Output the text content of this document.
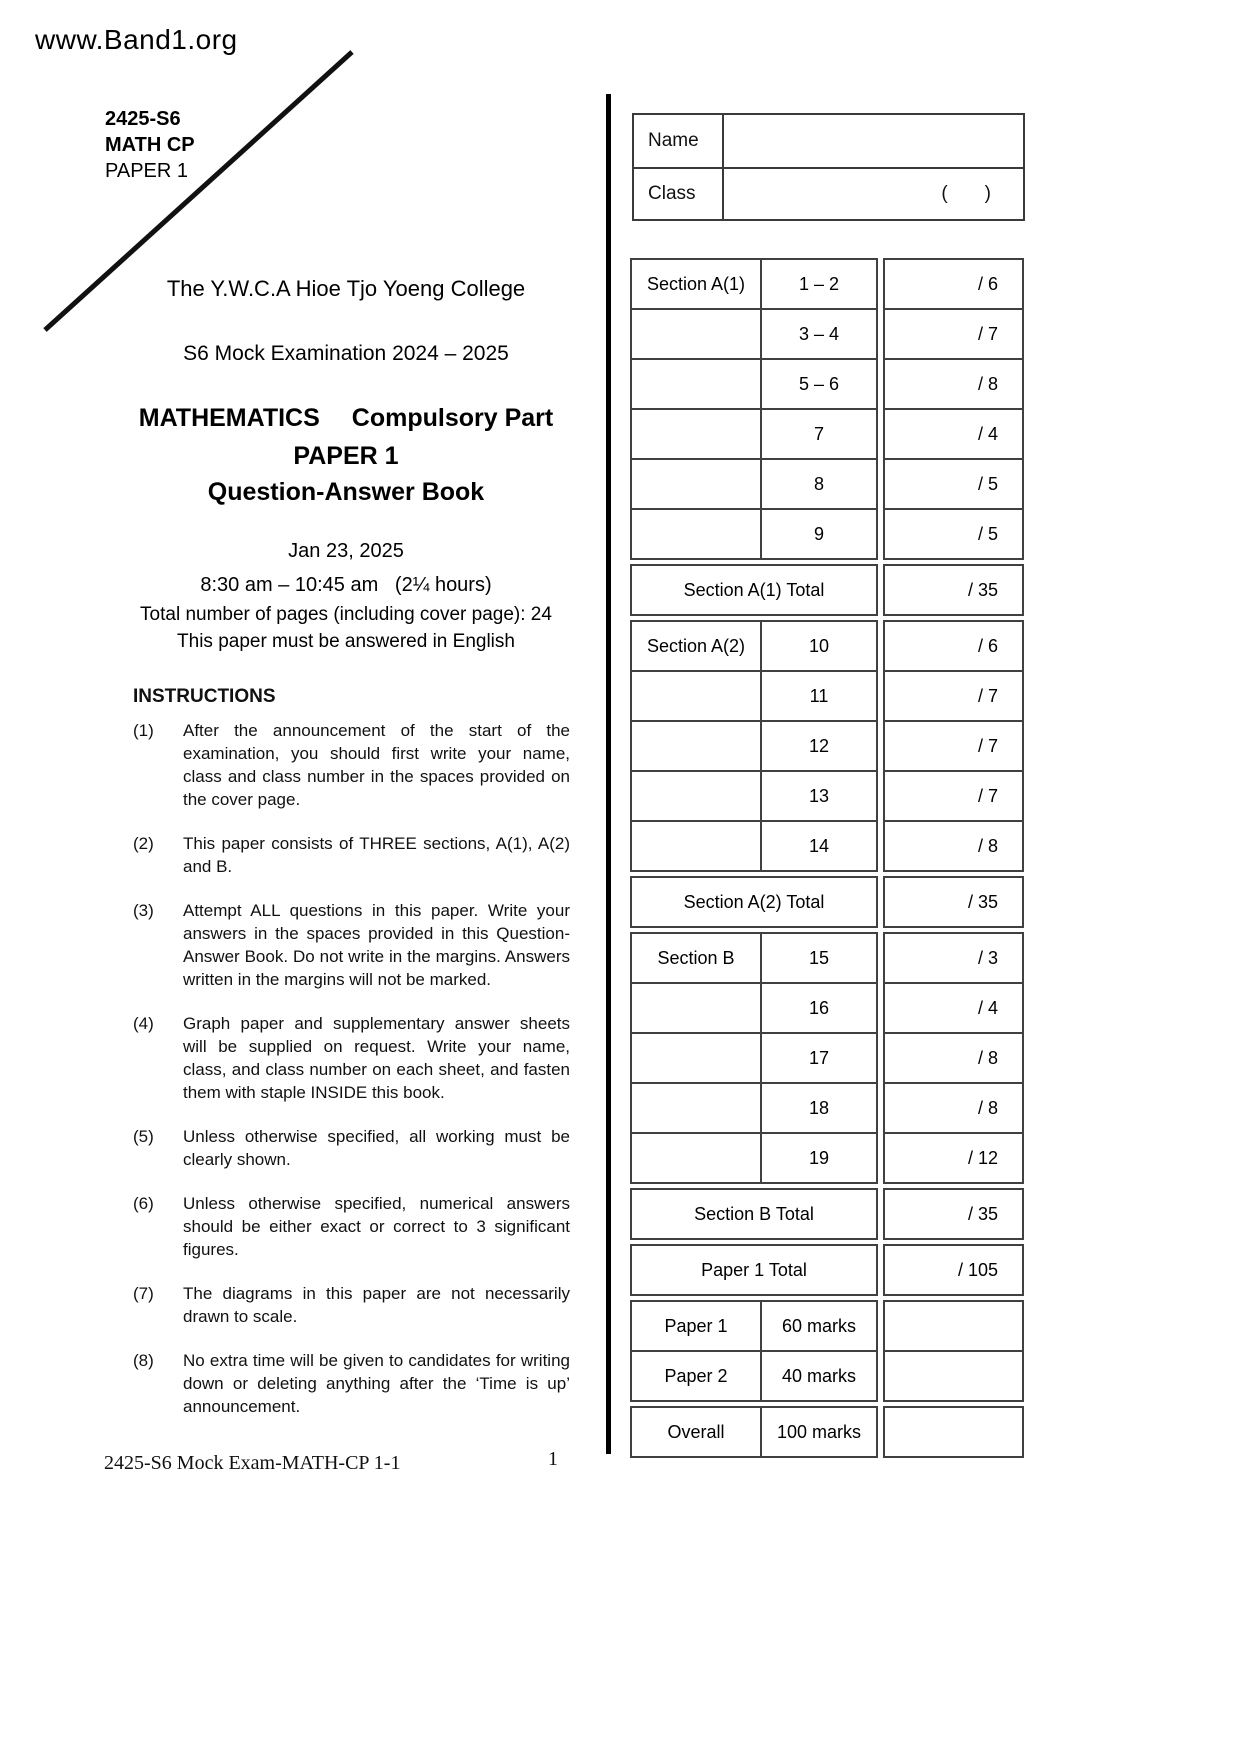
www.Band1.org
2425-S6
MATH CP
PAPER 1
The Y.W.C.A Hioe Tjo Yoeng College
S6 Mock Examination 2024 – 2025
MATHEMATICS Compulsory Part
PAPER 1
Question-Answer Book
Jan 23, 2025
8:30 am – 10:45 am   (2¼ hours)
Total number of pages (including cover page): 24
This paper must be answered in English
INSTRUCTIONS
(1)	After the announcement of the start of the examination, you should first write your name, class and class number in the spaces provided on the cover page.
(2)	This paper consists of THREE sections, A(1), A(2) and B.
(3)	Attempt ALL questions in this paper. Write your answers in the spaces provided in this Question-Answer Book. Do not write in the margins. Answers written in the margins will not be marked.
(4)	Graph paper and supplementary answer sheets will be supplied on request. Write your name, class, and class number on each sheet, and fasten them with staple INSIDE this book.
(5)	Unless otherwise specified, all working must be clearly shown.
(6)	Unless otherwise specified, numerical answers should be either exact or correct to 3 significant figures.
(7)	The diagrams in this paper are not necessarily drawn to scale.
(8)	No extra time will be given to candidates for writing down or deleting anything after the ‘Time is up’ announcement.
2425-S6 Mock Exam-MATH-CP 1-1	1
Name
Class	(       )
Section A(1)	1 – 2	/ 6
3 – 4	/ 7
5 – 6	/ 8
7	/ 4
8	/ 5
9	/ 5
Section A(1) Total	/ 35
Section A(2)	10	/ 6
11	/ 7
12	/ 7
13	/ 7
14	/ 8
Section A(2) Total	/ 35
Section B	15	/ 3
16	/ 4
17	/ 8
18	/ 8
19	/ 12
Section B Total	/ 35
Paper 1 Total	/ 105
Paper 1	60 marks
Paper 2	40 marks
Overall	100 marks
